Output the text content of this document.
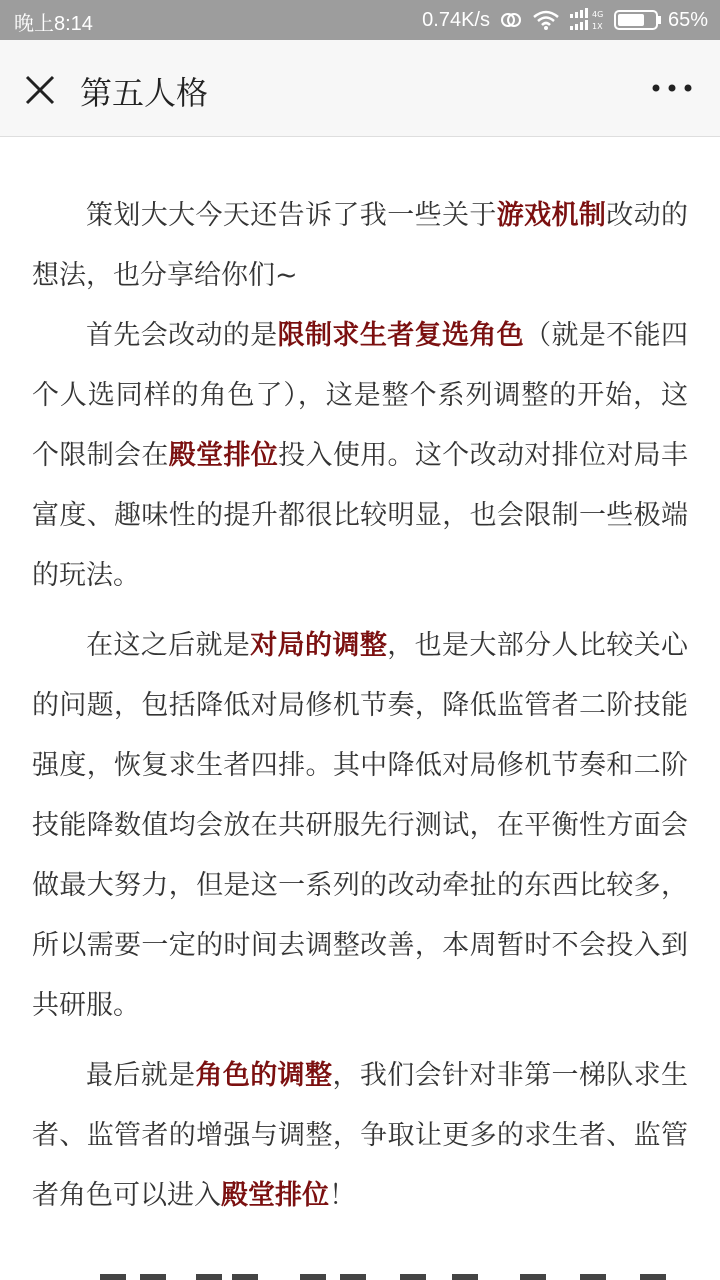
晚上8:14	0.74K/s	4G
1X	65%
第五人格

策划大大今天还告诉了我一些关于游戏机制改动的想法，也分享给你们~

首先会改动的是限制求生者复选角色（就是不能四个人选同样的角色了），这是整个系列调整的开始，这个限制会在殿堂排位投入使用。这个改动对排位对局丰富度、趣味性的提升都很比较明显，也会限制一些极端的玩法。

在这之后就是对局的调整，也是大部分人比较关心的问题，包括降低对局修机节奏，降低监管者二阶技能强度，恢复求生者四排。其中降低对局修机节奏和二阶技能降数值均会放在共研服先行测试，在平衡性方面会做最大努力，但是这一系列的改动牵扯的东西比较多，所以需要一定的时间去调整改善，本周暂时不会投入到共研服。

最后就是角色的调整，我们会针对非第一梯队求生者、监管者的增强与调整，争取让更多的求生者、监管者角色可以进入殿堂排位！
